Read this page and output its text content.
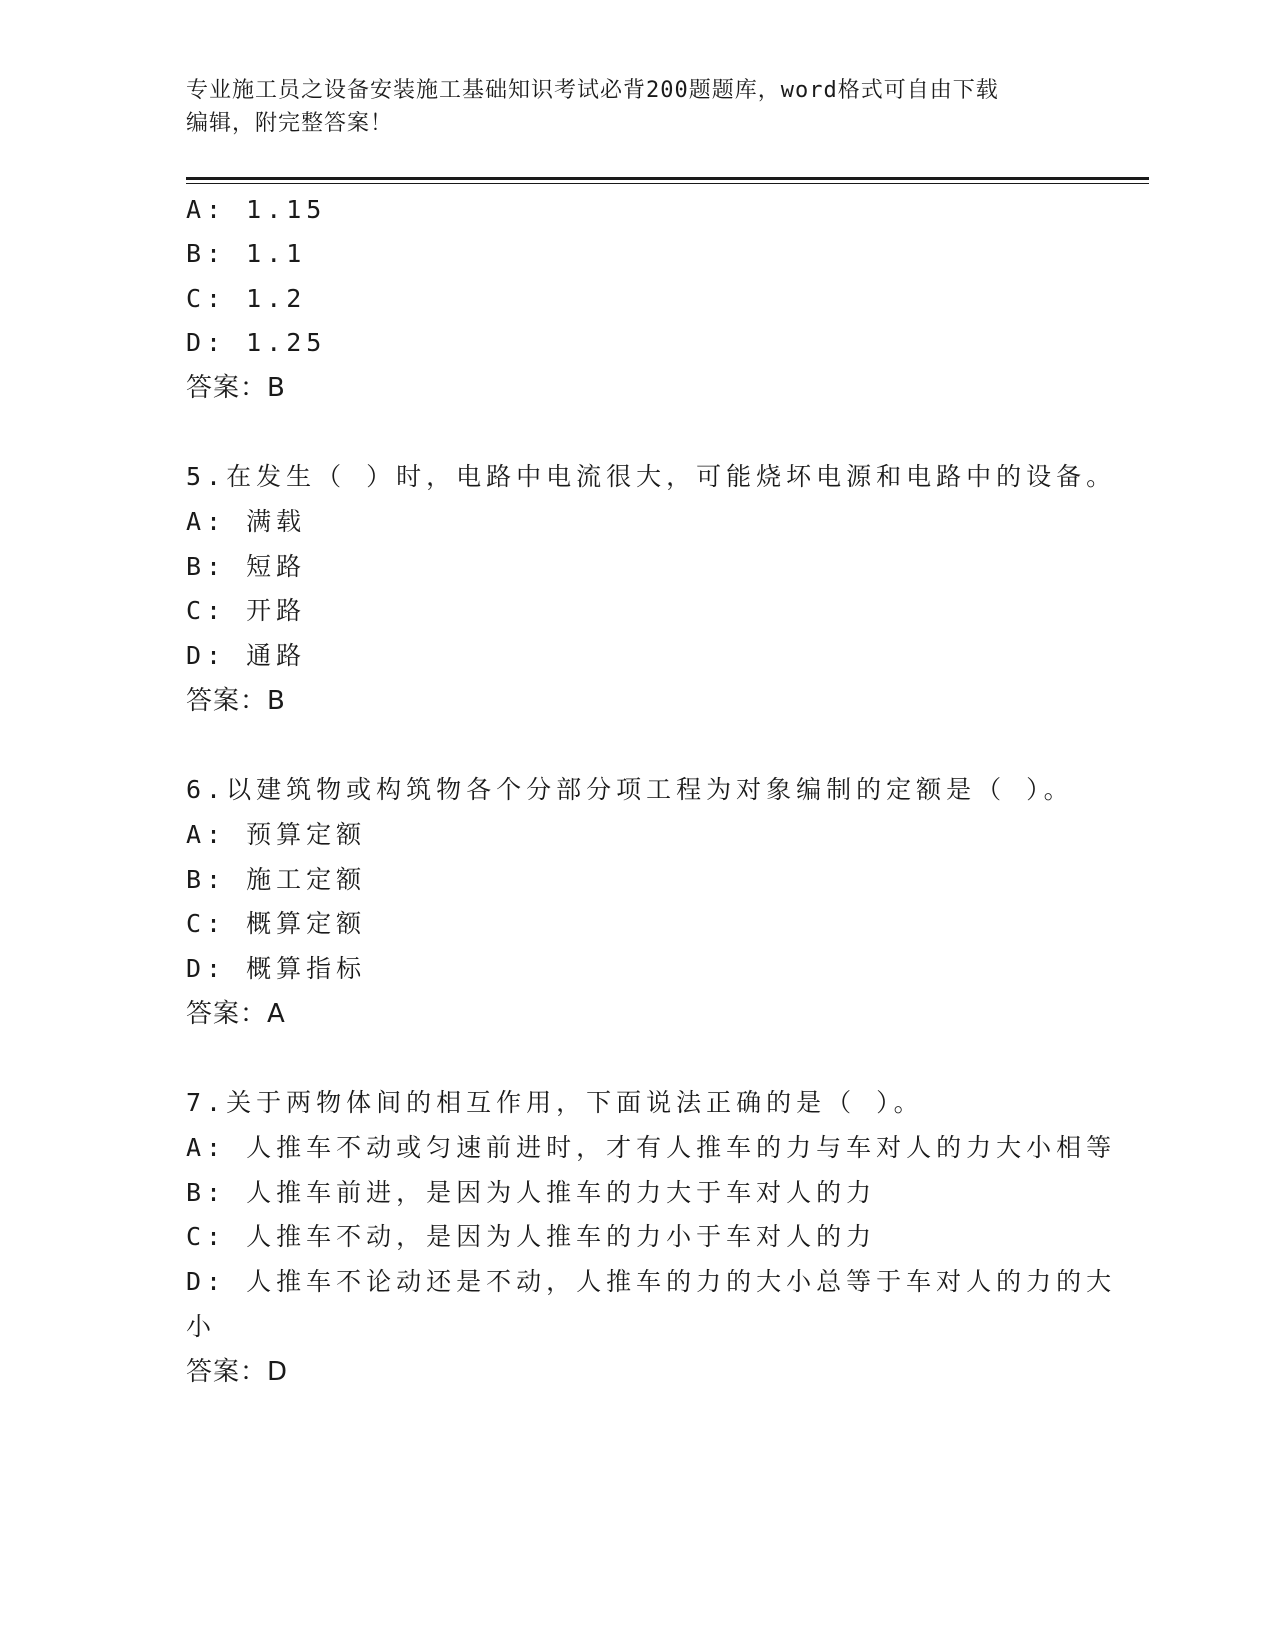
专业施工员之设备安装施工基础知识考试必背200题题库，word格式可自由下载
编辑，附完整答案！
A: 1.15
B: 1.1
C: 1.2
D: 1.25
答案：B
5.在发生（ ）时，电路中电流很大，可能烧坏电源和电路中的设备。
A: 满载
B: 短路
C: 开路
D: 通路
答案：B
6.以建筑物或构筑物各个分部分项工程为对象编制的定额是（ ）。
A: 预算定额
B: 施工定额
C: 概算定额
D: 概算指标
答案：A
7.关于两物体间的相互作用，下面说法正确的是（ ）。
A: 人推车不动或匀速前进时，才有人推车的力与车对人的力大小相等
B: 人推车前进，是因为人推车的力大于车对人的力
C: 人推车不动，是因为人推车的力小于车对人的力
D: 人推车不论动还是不动，人推车的力的大小总等于车对人的力的大
小
答案：D
